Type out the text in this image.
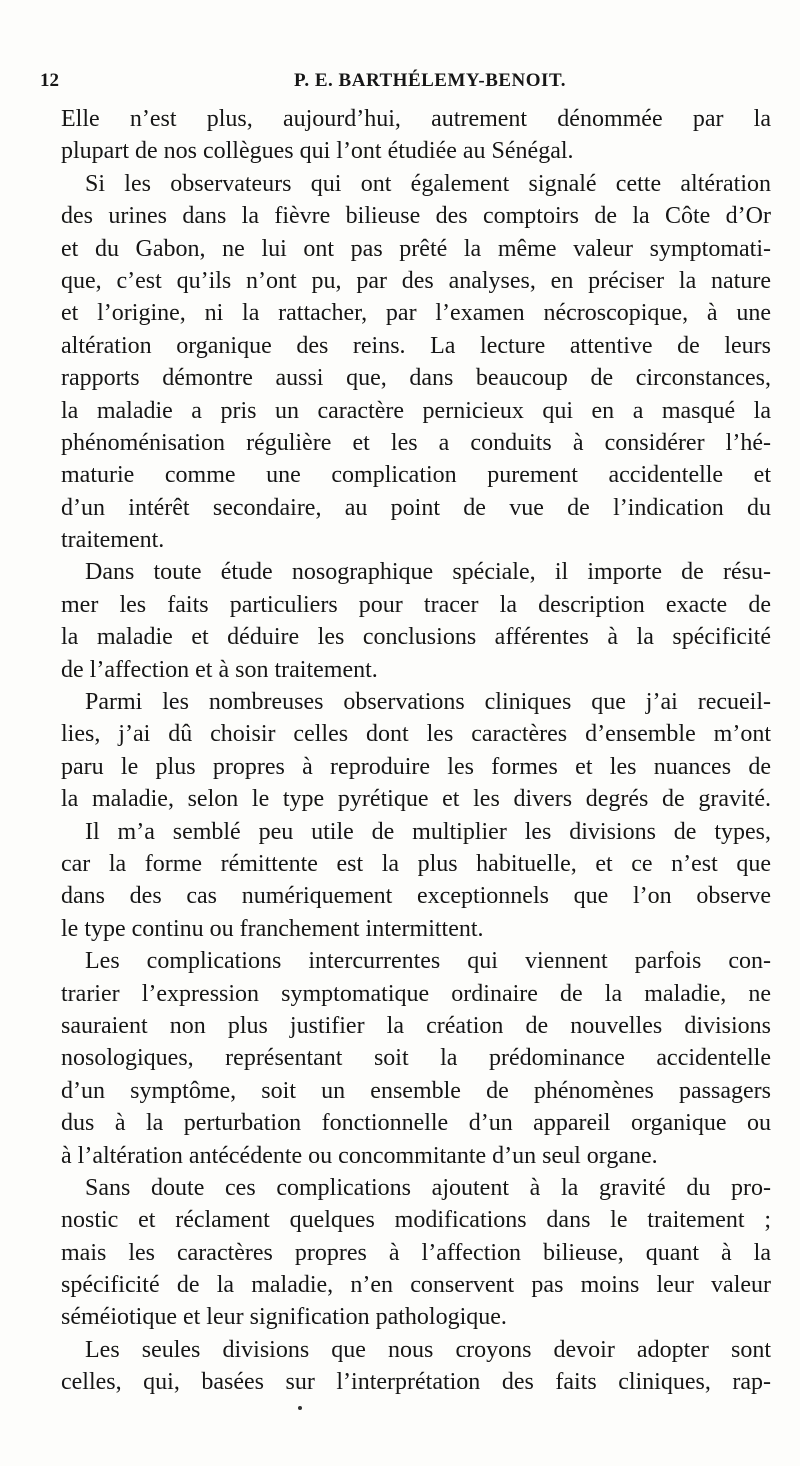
12	P. E. BARTHÉLEMY-BENOIT.
Elle n’est plus, aujourd’hui, autrement dénommée par la
plupart de nos collègues qui l’ont étudiée au Sénégal.
Si les observateurs qui ont également signalé cette altération
des urines dans la fièvre bilieuse des comptoirs de la Côte d’Or
et du Gabon, ne lui ont pas prêté la même valeur symptomati-
que, c’est qu’ils n’ont pu, par des analyses, en préciser la nature
et l’origine, ni la rattacher, par l’examen nécroscopique, à une
altération organique des reins. La lecture attentive de leurs
rapports démontre aussi que, dans beaucoup de circonstances,
la maladie a pris un caractère pernicieux qui en a masqué la
phénoménisation régulière et les a conduits à considérer l’hé-
maturie comme une complication purement accidentelle et
d’un intérêt secondaire, au point de vue de l’indication du
traitement.
Dans toute étude nosographique spéciale, il importe de résu-
mer les faits particuliers pour tracer la description exacte de
la maladie et déduire les conclusions afférentes à la spécificité
de l’affection et à son traitement.
Parmi les nombreuses observations cliniques que j’ai recueil-
lies, j’ai dû choisir celles dont les caractères d’ensemble m’ont
paru le plus propres à reproduire les formes et les nuances de
la maladie, selon le type pyrétique et les divers degrés de gravité.
Il m’a semblé peu utile de multiplier les divisions de types,
car la forme rémittente est la plus habituelle, et ce n’est que
dans des cas numériquement exceptionnels que l’on observe
le type continu ou franchement intermittent.
Les complications intercurrentes qui viennent parfois con-
trarier l’expression symptomatique ordinaire de la maladie, ne
sauraient non plus justifier la création de nouvelles divisions
nosologiques, représentant soit la prédominance accidentelle
d’un symptôme, soit un ensemble de phénomènes passagers
dus à la perturbation fonctionnelle d’un appareil organique ou
à l’altération antécédente ou concommitante d’un seul organe.
Sans doute ces complications ajoutent à la gravité du pro-
nostic et réclament quelques modifications dans le traitement ;
mais les caractères propres à l’affection bilieuse, quant à la
spécificité de la maladie, n’en conservent pas moins leur valeur
séméiotique et leur signification pathologique.
Les seules divisions que nous croyons devoir adopter sont
celles, qui, basées sur l’interprétation des faits cliniques, rap-
